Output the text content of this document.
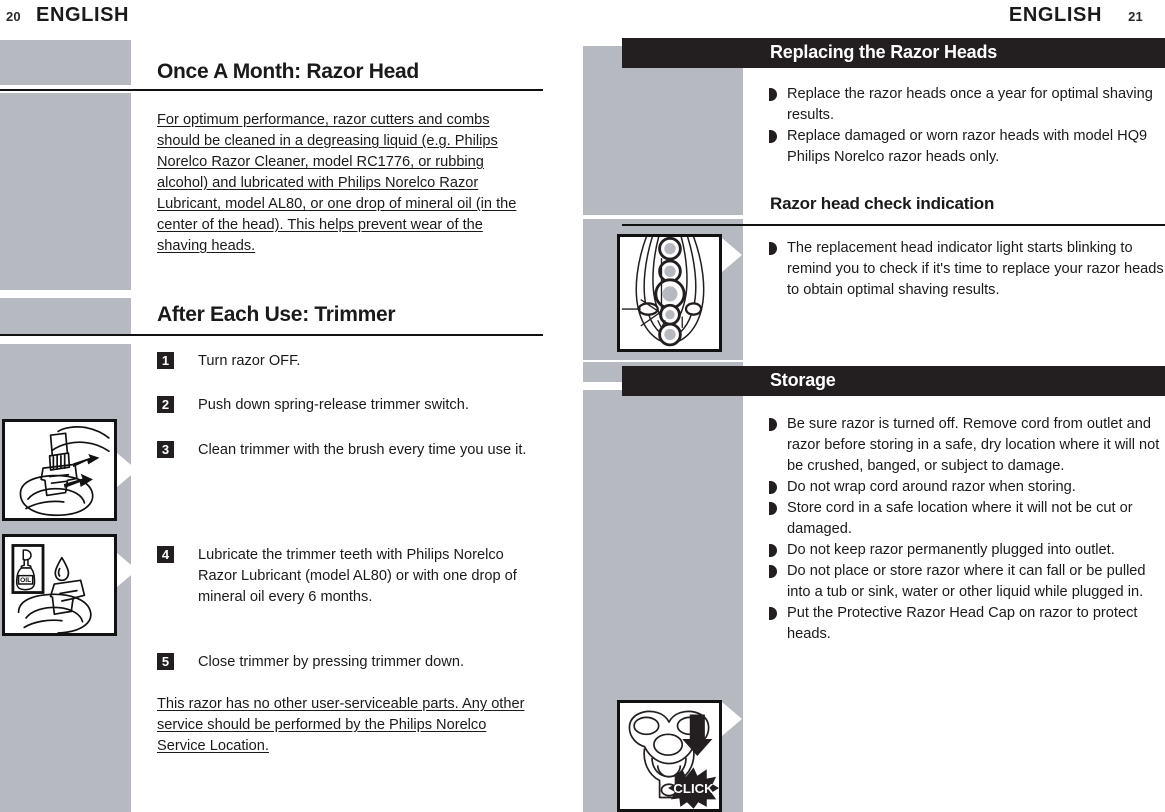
20 ENGLISH
Once A Month: Razor Head
For optimum performance, razor cutters and combs should be cleaned in a degreasing liquid (e.g. Philips Norelco Razor Cleaner, model RC1776, or rubbing alcohol) and lubricated with Philips Norelco Razor Lubricant, model AL80, or one drop of mineral oil (in the center of the head). This helps prevent wear of the shaving heads.
After Each Use: Trimmer
1	Turn razor OFF.
2	Push down spring-release trimmer switch.
3	Clean trimmer with the brush every time you use it.
4	Lubricate the trimmer teeth with Philips Norelco Razor Lubricant (model AL80) or with one drop of mineral oil every 6 months.
5	Close trimmer by pressing trimmer down.
This razor has no other user-serviceable parts. Any other service should be performed by the Philips Norelco Service Location.
OIL
ENGLISH 21
Replacing the Razor Heads
Replace the razor heads once a year for optimal shaving results.
Replace damaged or worn razor heads with model HQ9 Philips Norelco razor heads only.
Razor head check indication
The replacement head indicator light starts blinking to remind you to check if it's time to replace your razor heads to obtain optimal shaving results.
Storage
Be sure razor is turned off. Remove cord from outlet and razor before storing in a safe, dry location where it will not be crushed, banged, or subject to damage.
Do not wrap cord around razor when storing.
Store cord in a safe location where it will not be cut or damaged.
Do not keep razor permanently plugged into outlet.
Do not place or store razor where it can fall or be pulled into a tub or sink, water or other liquid while plugged in.
Put the Protective Razor Head Cap on razor to protect heads.
CLICK
